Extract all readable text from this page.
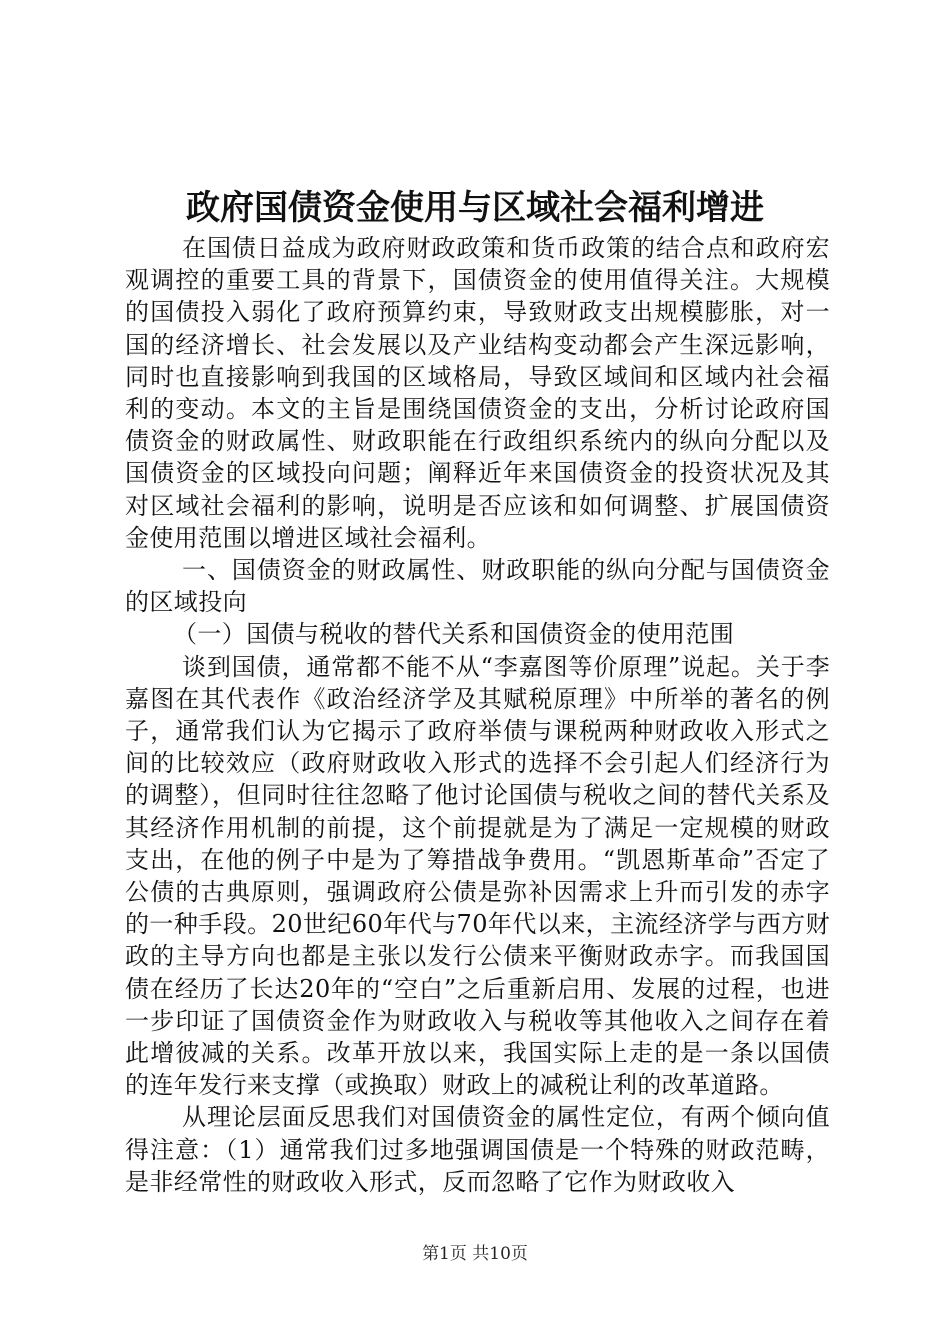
政府国债资金使用与区域社会福利增进

在国债日益成为政府财政政策和货币政策的结合点和政府宏观调控的重要工具的背景下，国债资金的使用值得关注。大规模的国债投入弱化了政府预算约束，导致财政支出规模膨胀，对一国的经济增长、社会发展以及产业结构变动都会产生深远影响，同时也直接影响到我国的区域格局，导致区域间和区域内社会福利的变动。本文的主旨是围绕国债资金的支出，分析讨论政府国债资金的财政属性、财政职能在行政组织系统内的纵向分配以及国债资金的区域投向问题；阐释近年来国债资金的投资状况及其对区域社会福利的影响，说明是否应该和如何调整、扩展国债资金使用范围以增进区域社会福利。

一、国债资金的财政属性、财政职能的纵向分配与国债资金的区域投向

（一）国债与税收的替代关系和国债资金的使用范围

谈到国债，通常都不能不从“李嘉图等价原理”说起。关于李嘉图在其代表作《政治经济学及其赋税原理》中所举的著名的例子，通常我们认为它揭示了政府举债与课税两种财政收入形式之间的比较效应（政府财政收入形式的选择不会引起人们经济行为的调整），但同时往往忽略了他讨论国债与税收之间的替代关系及其经济作用机制的前提，这个前提就是为了满足一定规模的财政支出，在他的例子中是为了筹措战争费用。“凯恩斯革命”否定了公债的古典原则，强调政府公债是弥补因需求上升而引发的赤字的一种手段。20世纪60年代与70年代以来，主流经济学与西方财政的主导方向也都是主张以发行公债来平衡财政赤字。而我国国债在经历了长达20年的“空白”之后重新启用、发展的过程，也进一步印证了国债资金作为财政收入与税收等其他收入之间存在着此增彼减的关系。改革开放以来，我国实际上走的是一条以国债的连年发行来支撑（或换取）财政上的减税让利的改革道路。

从理论层面反思我们对国债资金的属性定位，有两个倾向值得注意：（1）通常我们过多地强调国债是一个特殊的财政范畴，是非经常性的财政收入形式，反而忽略了它作为财政收入

第1页 共10页
